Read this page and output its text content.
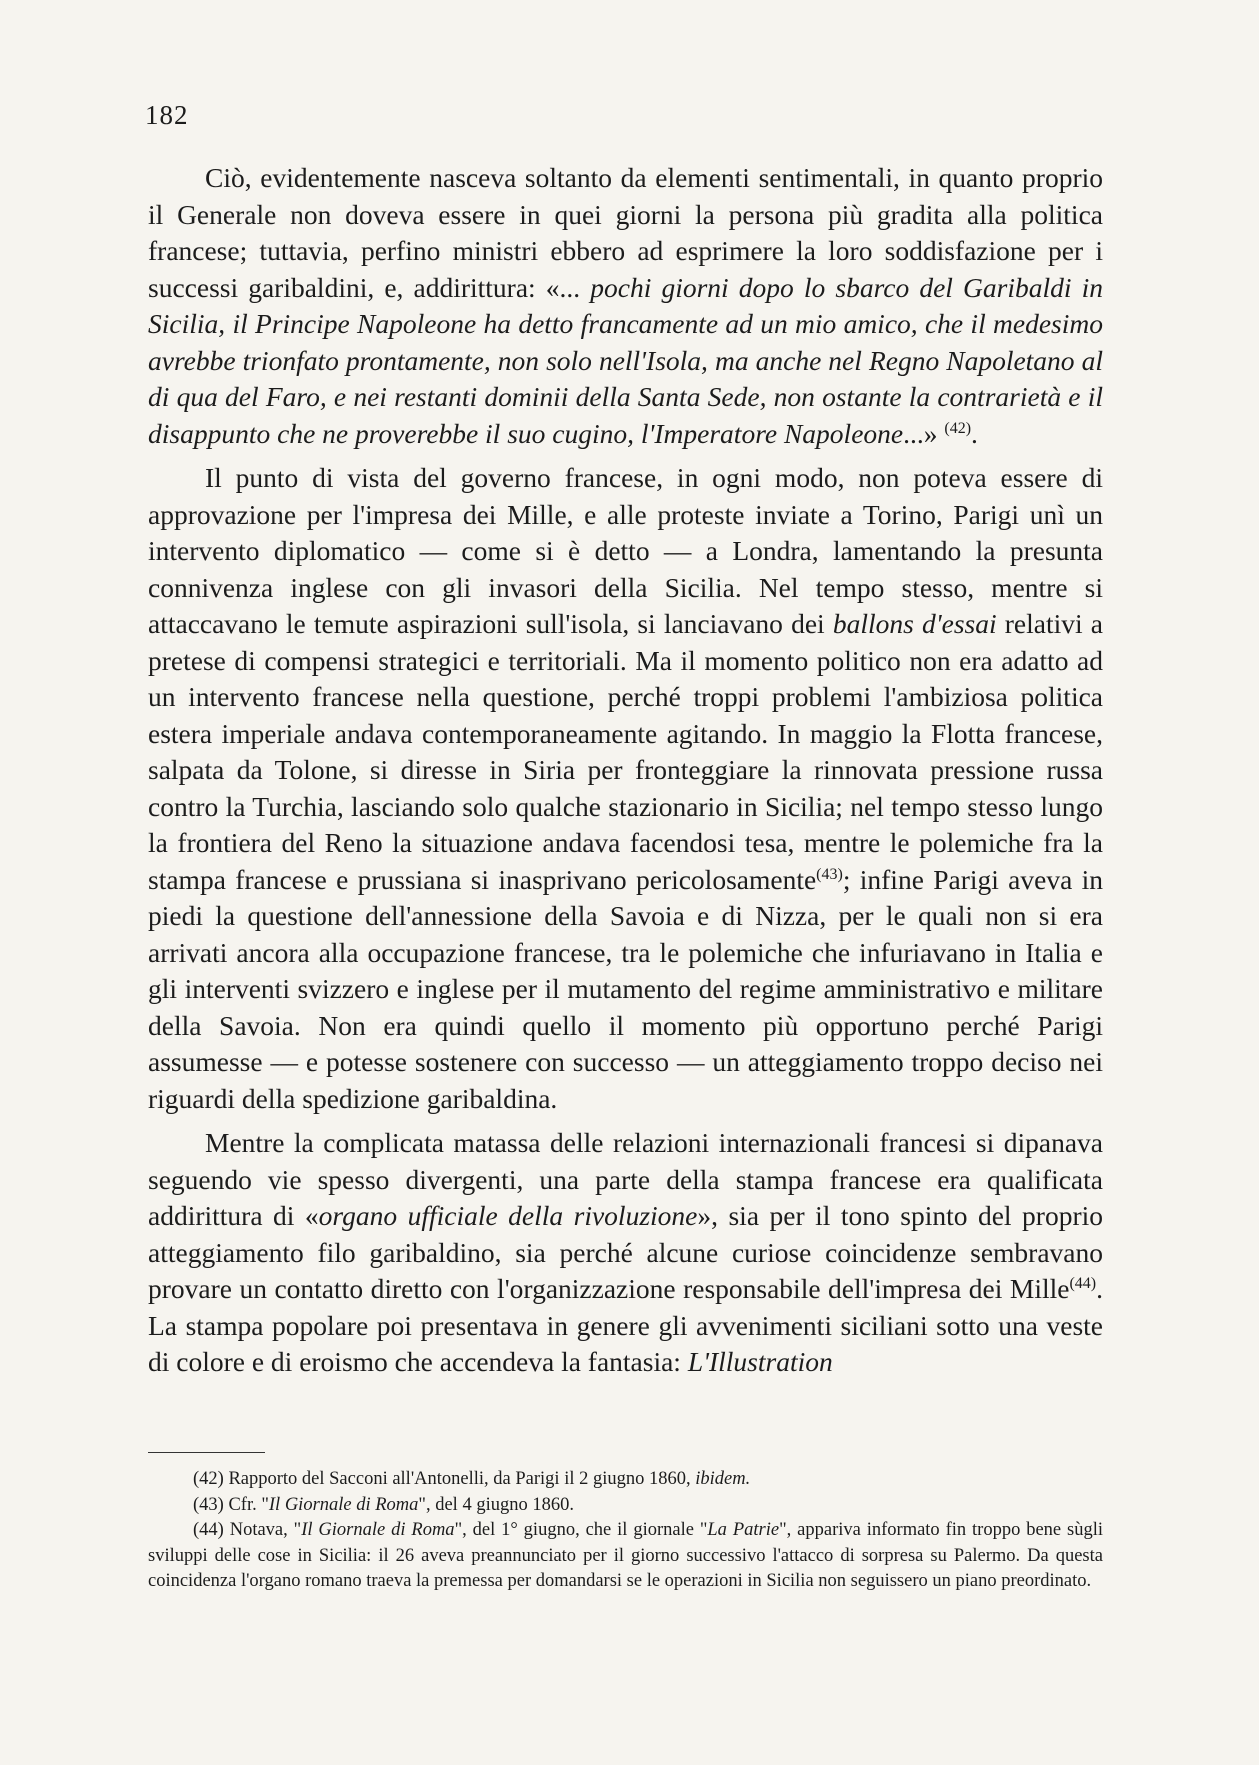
182

Ciò, evidentemente nasceva soltanto da elementi sentimentali, in quanto proprio il Generale non doveva essere in quei giorni la persona più gradita alla politica francese; tuttavia, perfino ministri ebbero ad esprimere la loro soddisfazione per i successi garibaldini, e, addirittura: «... pochi giorni dopo lo sbarco del Garibaldi in Sicilia, il Principe Napoleone ha detto francamente ad un mio amico, che il medesimo avrebbe trionfato prontamente, non solo nell'Isola, ma anche nel Regno Napoletano al di qua del Faro, e nei restanti dominii della Santa Sede, non ostante la contrarietà e il disappunto che ne proverebbe il suo cugino, l'Imperatore Napoleone...» $^{(42)}$.

Il punto di vista del governo francese, in ogni modo, non poteva essere di approvazione per l'impresa dei Mille, e alle proteste inviate a Torino, Parigi unì un intervento diplomatico — come si è detto — a Londra, lamentando la presunta connivenza inglese con gli invasori della Sicilia. Nel tempo stesso, mentre si attaccavano le temute aspirazioni sull'isola, si lanciavano dei ballons d'essai relativi a pretese di compensi strategici e territoriali. Ma il momento politico non era adatto ad un intervento francese nella questione, perché troppi problemi l'ambiziosa politica estera imperiale andava contemporaneamente agitando. In maggio la Flotta francese, salpata da Tolone, si diresse in Siria per fronteggiare la rinnovata pressione russa contro la Turchia, lasciando solo qualche stazionario in Sicilia; nel tempo stesso lungo la frontiera del Reno la situazione andava facendosi tesa, mentre le polemiche fra la stampa francese e prussiana si inasprivano pericolosamente$^{(43)}$; infine Parigi aveva in piedi la questione dell'annessione della Savoia e di Nizza, per le quali non si era arrivati ancora alla occupazione francese, tra le polemiche che infuriavano in Italia e gli interventi svizzero e inglese per il mutamento del regime amministrativo e militare della Savoia. Non era quindi quello il momento più opportuno perché Parigi assumesse — e potesse sostenere con successo — un atteggiamento troppo deciso nei riguardi della spedizione garibaldina.

Mentre la complicata matassa delle relazioni internazionali francesi si dipanava seguendo vie spesso divergenti, una parte della stampa francese era qualificata addirittura di «organo ufficiale della rivoluzione», sia per il tono spinto del proprio atteggiamento filo garibaldino, sia perché alcune curiose coincidenze sembravano provare un contatto diretto con l'organizzazione responsabile dell'impresa dei Mille$^{(44)}$. La stampa popolare poi presentava in genere gli avvenimenti siciliani sotto una veste di colore e di eroismo che accendeva la fantasia: L'Illustration

(42) Rapporto del Sacconi all'Antonelli, da Parigi il 2 giugno 1860, ibidem.

(43) Cfr. "Il Giornale di Roma", del 4 giugno 1860.

(44) Notava, "Il Giornale di Roma", del 1° giugno, che il giornale "La Patrie", appariva informato fin troppo bene sùgli sviluppi delle cose in Sicilia: il 26 aveva preannunciato per il giorno successivo l'attacco di sorpresa su Palermo. Da questa coincidenza l'organo romano traeva la premessa per domandarsi se le operazioni in Sicilia non seguissero un piano preordinato.
